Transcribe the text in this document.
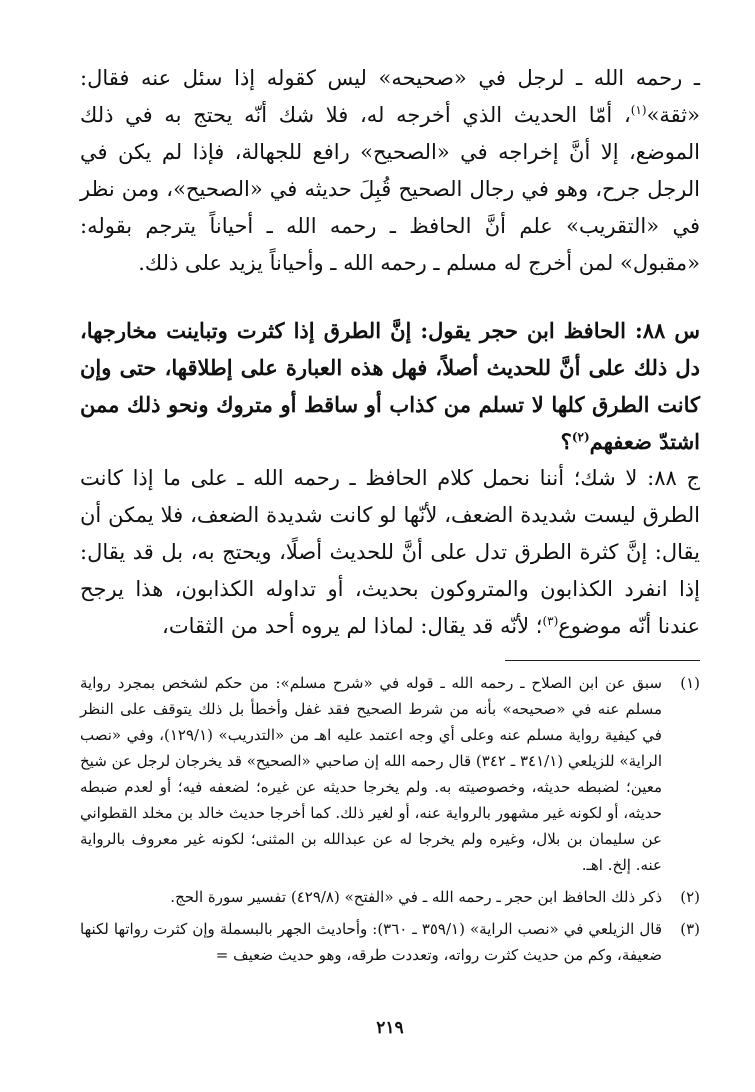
ـ رحمه الله ـ لرجل في «صحيحه» ليس كقوله إذا سئل عنه فقال: «ثقة»$^{(١)}$، أمّا الحديث الذي أخرجه له، فلا شك أنّه يحتج به في ذلك الموضع، إلا أنَّ إخراجه في «الصحيح» رافع للجهالة، فإذا لم يكن في الرجل جرح، وهو في رجال الصحيح قُبِلَ حديثه في «الصحيح»، ومن نظر في «التقريب» علم أنَّ الحافظ ـ رحمه الله ـ أحياناً يترجم بقوله: «مقبول» لمن أخرج له مسلم ـ رحمه الله ـ وأحياناً يزيد على ذلك.

س ٨٨: الحافظ ابن حجر يقول: إنَّ الطرق إذا كثرت وتباينت مخارجها، دل ذلك على أنَّ للحديث أصلاً، فهل هذه العبارة على إطلاقها، حتى وإن كانت الطرق كلها لا تسلم من كذاب أو ساقط أو متروك ونحو ذلك ممن اشتدّ ضعفهم$^{(٢)}$؟

ج ٨٨: لا شك؛ أننا نحمل كلام الحافظ ـ رحمه الله ـ على ما إذا كانت الطرق ليست شديدة الضعف، لأنّها لو كانت شديدة الضعف، فلا يمكن أن يقال: إنَّ كثرة الطرق تدل على أنَّ للحديث أصلًا، ويحتج به، بل قد يقال: إذا انفرد الكذابون والمتروكون بحديث، أو تداوله الكذابون، هذا يرجح عندنا أنّه موضوع$^{(٣)}$؛ لأنّه قد يقال: لماذا لم يروه أحد من الثقات،

(١)
سبق عن ابن الصلاح ـ رحمه الله ـ قوله في «شرح مسلم»: من حكم لشخص بمجرد رواية مسلم عنه في «صحيحه» بأنه من شرط الصحيح فقد غفل وأخطأ بل ذلك يتوقف على النظر في كيفية رواية مسلم عنه وعلى أي وجه اعتمد عليه اهـ من «التدريب» (١٢٩/١)، وفي «نصب الراية» للزيلعي (٣٤١/١ ـ ٣٤٢) قال رحمه الله إن صاحبي «الصحيح» قد يخرجان لرجل عن شيخ معين؛ لضبطه حديثه، وخصوصيته به. ولم يخرجا حديثه عن غيره؛ لضعفه فيه؛ أو لعدم ضبطه حديثه، أو لكونه غير مشهور بالرواية عنه، أو لغير ذلك. كما أخرجا حديث خالد بن مخلد القطواني عن سليمان بن بلال، وغيره ولم يخرجا له عن عبدالله بن المثنى؛ لكونه غير معروف بالرواية عنه. إلخ. اهـ.
(٢)
ذكر ذلك الحافظ ابن حجر ـ رحمه الله ـ في «الفتح» (٤٢٩/٨) تفسير سورة الحج.
(٣)
قال الزيلعي في «نصب الراية» (٣٥٩/١ ـ ٣٦٠): وأحاديث الجهر بالبسملة وإن كثرت رواتها لكنها ضعيفة، وكم من حديث كثرت رواته، وتعددت طرقه، وهو حديث ضعيف =
٢١٩
